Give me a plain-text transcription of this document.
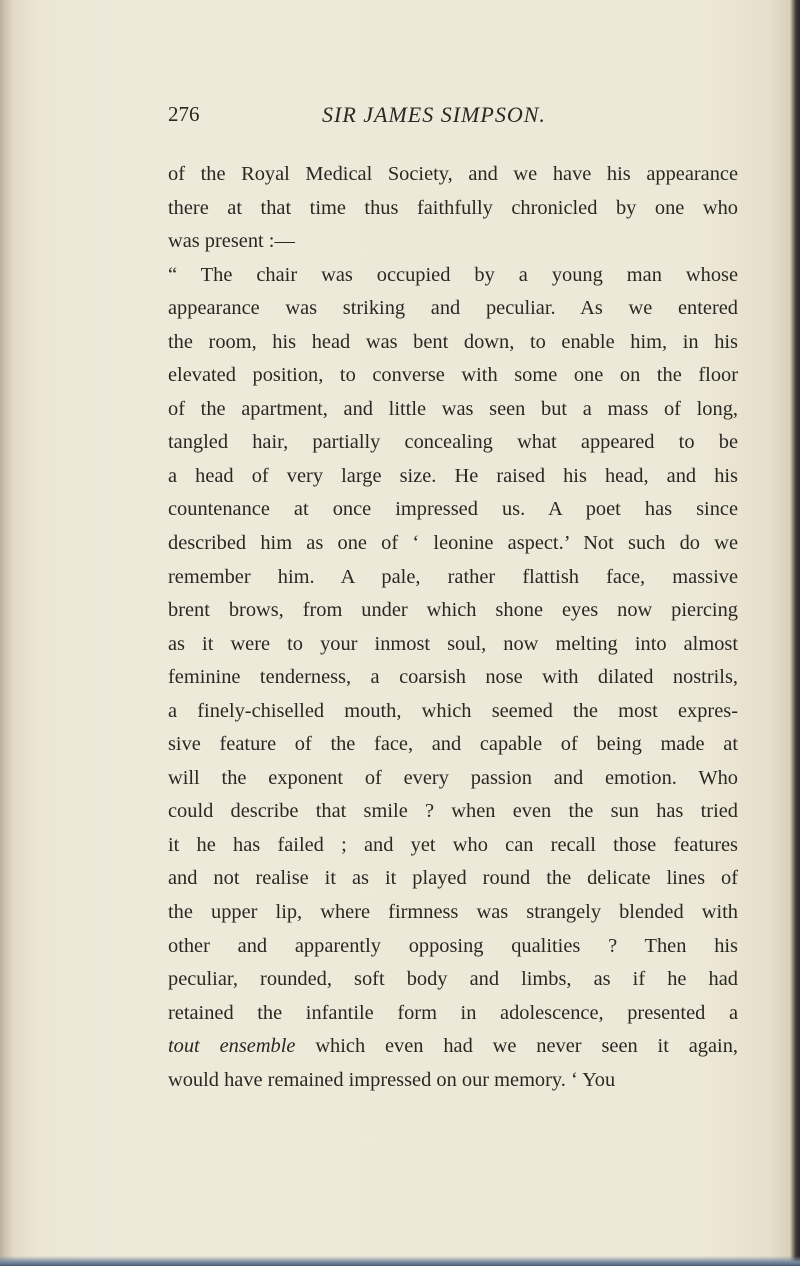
276	SIR JAMES SIMPSON.
of the Royal Medical Society, and we have his appearance
there at that time thus faithfully chronicled by one who
was present :—
“ The chair was occupied by a young man whose
appearance was striking and peculiar. As we entered
the room, his head was bent down, to enable him, in his
elevated position, to converse with some one on the floor
of the apartment, and little was seen but a mass of long,
tangled hair, partially concealing what appeared to be
a head of very large size. He raised his head, and his
countenance at once impressed us. A poet has since
described him as one of ‘ leonine aspect.’ Not such do we
remember him. A pale, rather flattish face, massive
brent brows, from under which shone eyes now piercing
as it were to your inmost soul, now melting into almost
feminine tenderness, a coarsish nose with dilated nostrils,
a finely-chiselled mouth, which seemed the most expres-
sive feature of the face, and capable of being made at
will the exponent of every passion and emotion. Who
could describe that smile ? when even the sun has tried
it he has failed ; and yet who can recall those features
and not realise it as it played round the delicate lines of
the upper lip, where firmness was strangely blended with
other and apparently opposing qualities ? Then his
peculiar, rounded, soft body and limbs, as if he had
retained the infantile form in adolescence, presented a
tout ensemble which even had we never seen it again,
would have remained impressed on our memory. ‘ You
